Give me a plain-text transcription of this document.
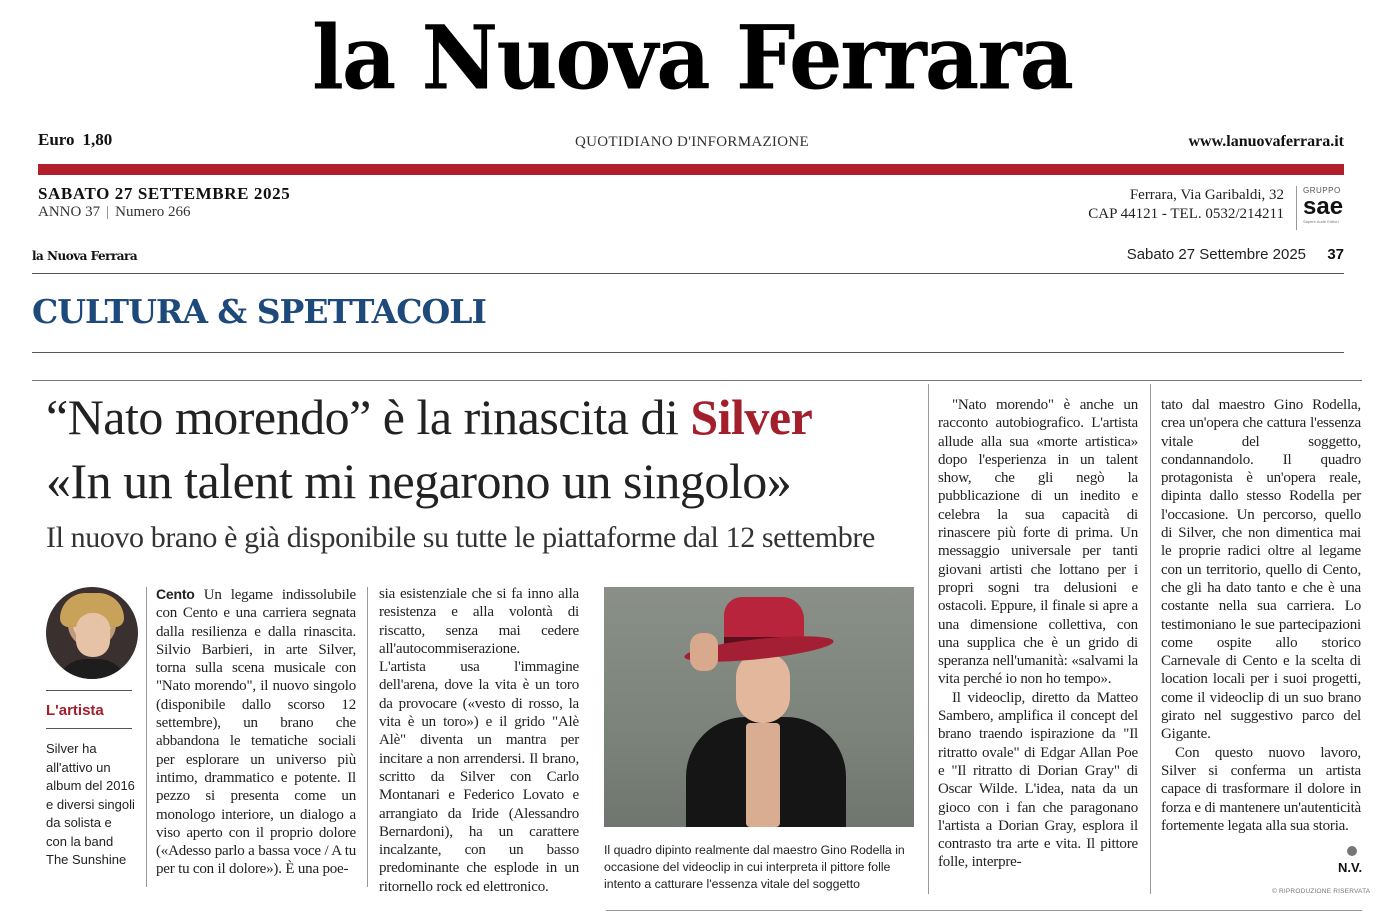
la Nuova Ferrara
Euro 1,80	QUOTIDIANO D'INFORMAZIONE	www.lanuovaferrara.it
SABATO 27 SETTEMBRE 2025
ANNO 37 | Numero 266
Ferrara, Via Garibaldi, 32
CAP 44121 - TEL. 0532/214211
GRUPPO
sae
Sapere Aude Editori
la Nuova Ferrara	Sabato 27 Settembre 2025 37
CULTURA & SPETTACOLI
“Nato morendo” è la rinascita di Silver
«In un talent mi negarono un singolo»
Il nuovo brano è già disponibile su tutte le piattaforme dal 12 settembre
L'artista
Silver ha all'attivo un album del 2016 e diversi singoli da solista e con la band The Sunshine

Cento Un legame indissolubile con Cento e una carriera segnata dalla resilienza e dalla rinascita. Silvio Barbieri, in arte Silver, torna sulla scena musicale con "Nato morendo", il nuovo singolo (disponibile dallo scorso 12 settembre), un brano che abbandona le tematiche sociali per esplorare un universo più intimo, drammatico e potente. Il pezzo si presenta come un monologo interiore, un dialogo a viso aperto con il proprio dolore («Adesso parlo a bassa voce / A tu per tu con il dolore»). È una poe-

sia esistenziale che si fa inno alla resistenza e alla volontà di riscatto, senza mai cedere all'autocommiserazione.

L'artista usa l'immagine dell'arena, dove la vita è un toro da provocare («vesto di rosso, la vita è un toro») e il grido "Alè Alè" diventa un mantra per incitare a non arrendersi. Il brano, scritto da Silver con Carlo Montanari e Federico Lovato e arrangiato da Iride (Alessandro Bernardoni), ha un carattere incalzante, con un basso predominante che esplode in un ritornello rock ed elettronico.

Il quadro dipinto realmente dal maestro Gino Rodella in occasione del videoclip in cui interpreta il pittore folle intento a catturare l'essenza vitale del soggetto

"Nato morendo" è anche un racconto autobiografico. L'artista allude alla sua «morte artistica» dopo l'esperienza in un talent show, che gli negò la pubblicazione di un inedito e celebra la sua capacità di rinascere più forte di prima. Un messaggio universale per tanti giovani artisti che lottano per i propri sogni tra delusioni e ostacoli. Eppure, il finale si apre a una dimensione collettiva, con una supplica che è un grido di speranza nell'umanità: «salvami la vita perché io non ho tempo».

Il videoclip, diretto da Matteo Sambero, amplifica il concept del brano traendo ispirazione da "Il ritratto ovale" di Edgar Allan Poe e "Il ritratto di Dorian Gray" di Oscar Wilde. L'idea, nata da un gioco con i fan che paragonano l'artista a Dorian Gray, esplora il contrasto tra arte e vita. Il pittore folle, interpre-

tato dal maestro Gino Rodella, crea un'opera che cattura l'essenza vitale del soggetto, condannandolo. Il quadro protagonista è un'opera reale, dipinta dallo stesso Rodella per l'occasione. Un percorso, quello di Silver, che non dimentica mai le proprie radici oltre al legame con un territorio, quello di Cento, che gli ha dato tanto e che è una costante nella sua carriera. Lo testimoniano le sue partecipazioni come ospite allo storico Carnevale di Cento e la scelta di location locali per i suoi progetti, come il videoclip di un suo brano girato nel suggestivo parco del Gigante.

Con questo nuovo lavoro, Silver si conferma un artista capace di trasformare il dolore in forza e di mantenere un'autenticità fortemente legata alla sua storia.

N.V.
© RIPRODUZIONE RISERVATA
